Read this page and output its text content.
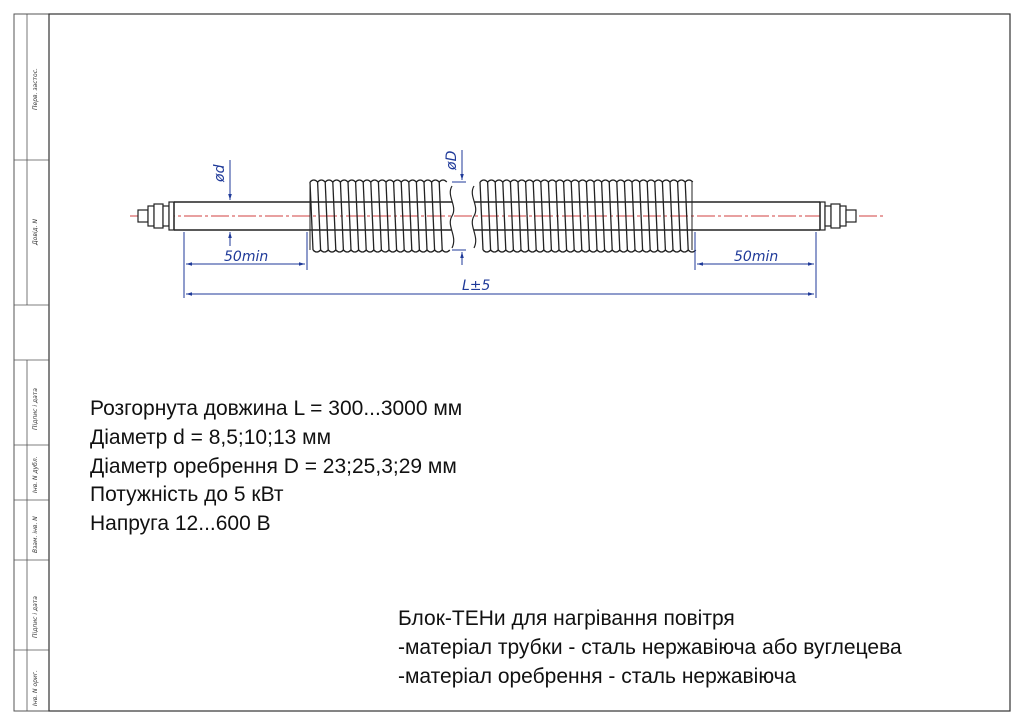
Перв. застос.
Довід. N
Підпис і дата
Інв. N дубл.
Взам. інв. N
Підпис і дата
Інв. N ориг.
ød
øD
50min	50min
L±5
Розгорнута довжина L = 300...3000 мм
Діаметр d = 8,5;10;13 мм
Діаметр оребрення D = 23;25,3;29 мм
Потужність до 5 кВт
Напруга 12...600 В
Блок-ТЕНи для нагрівання повітря
-матеріал трубки - сталь нержавіюча або вуглецева
-матеріал оребрення - сталь нержавіюча
